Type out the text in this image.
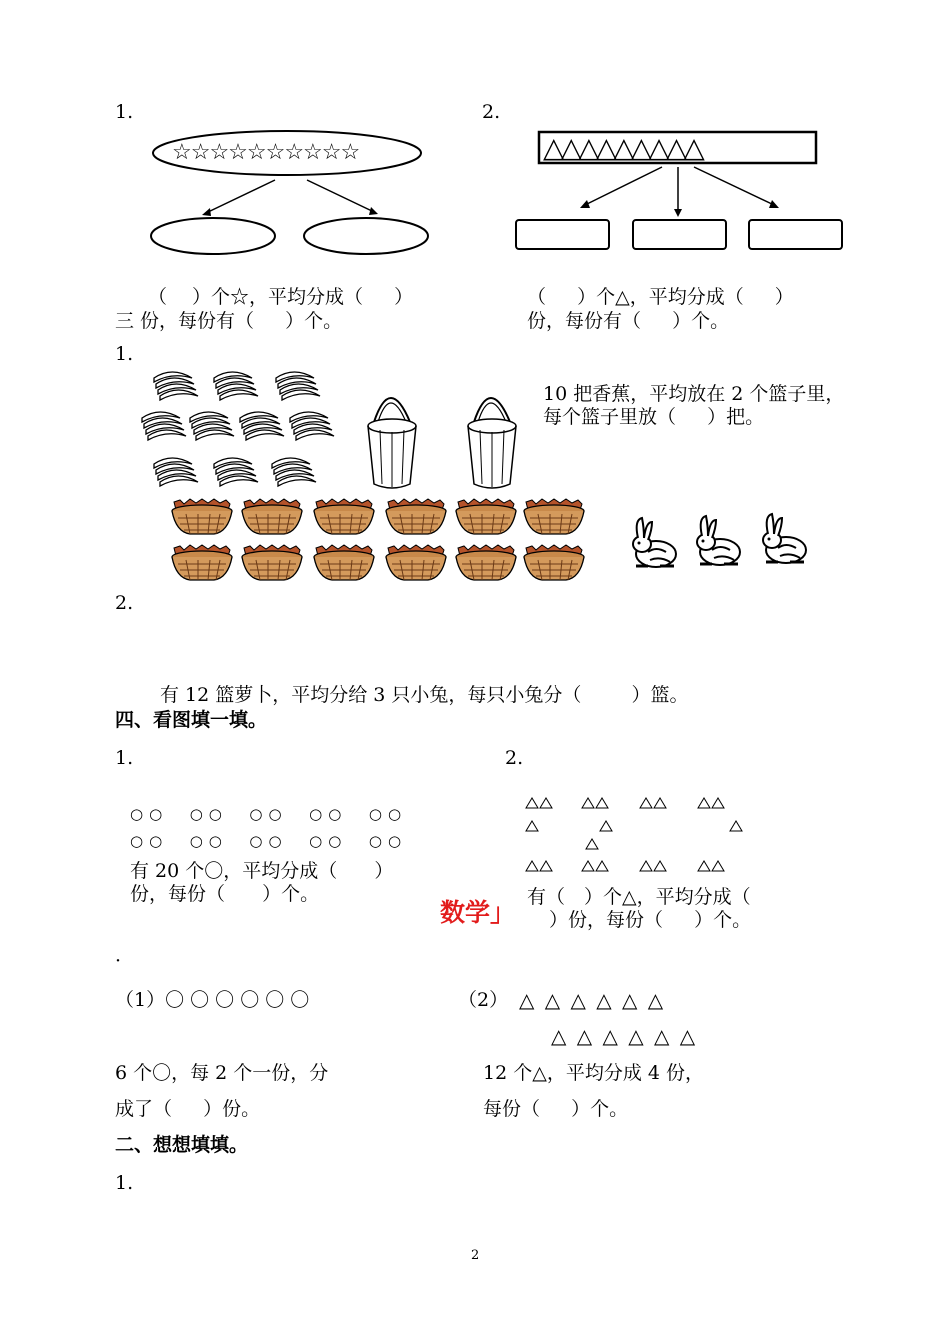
1.	2.
☆☆☆☆☆☆☆☆☆☆	△△△△△△△△△
（　 ）个☆，平均分成（　  ）
三 份，每份有（　  ）个。
（　  ）个△，平均分成（　  ）
份，每份有（　  ）个。
1.
10 把香蕉，平均放在 2 个篮子里，
每个篮子里放（　  ）把。
2.
有 12 篮萝卜，平均分给 3 只小兔，每只小兔分（　　  ）篮。
四、看图填一填。
1.	2.
○○  ○○  ○○  ○○  ○○
○○  ○○  ○○  ○○  ○○
有 20 个〇，平均分成（　   ）
份，每份（　   ）个。	有（　）个△，平均分成（
）份，每份（　  ）个。
数学」
·
（1）〇 〇 〇 〇 〇 〇	（2） △ △ △ △ △ △
△ △ △ △ △ △
6 个〇，每 2 个一份，分
成了（　  ）份。
12 个△，平均分成 4 份，
每份（　  ）个。
二、想想填填。
1.
2
